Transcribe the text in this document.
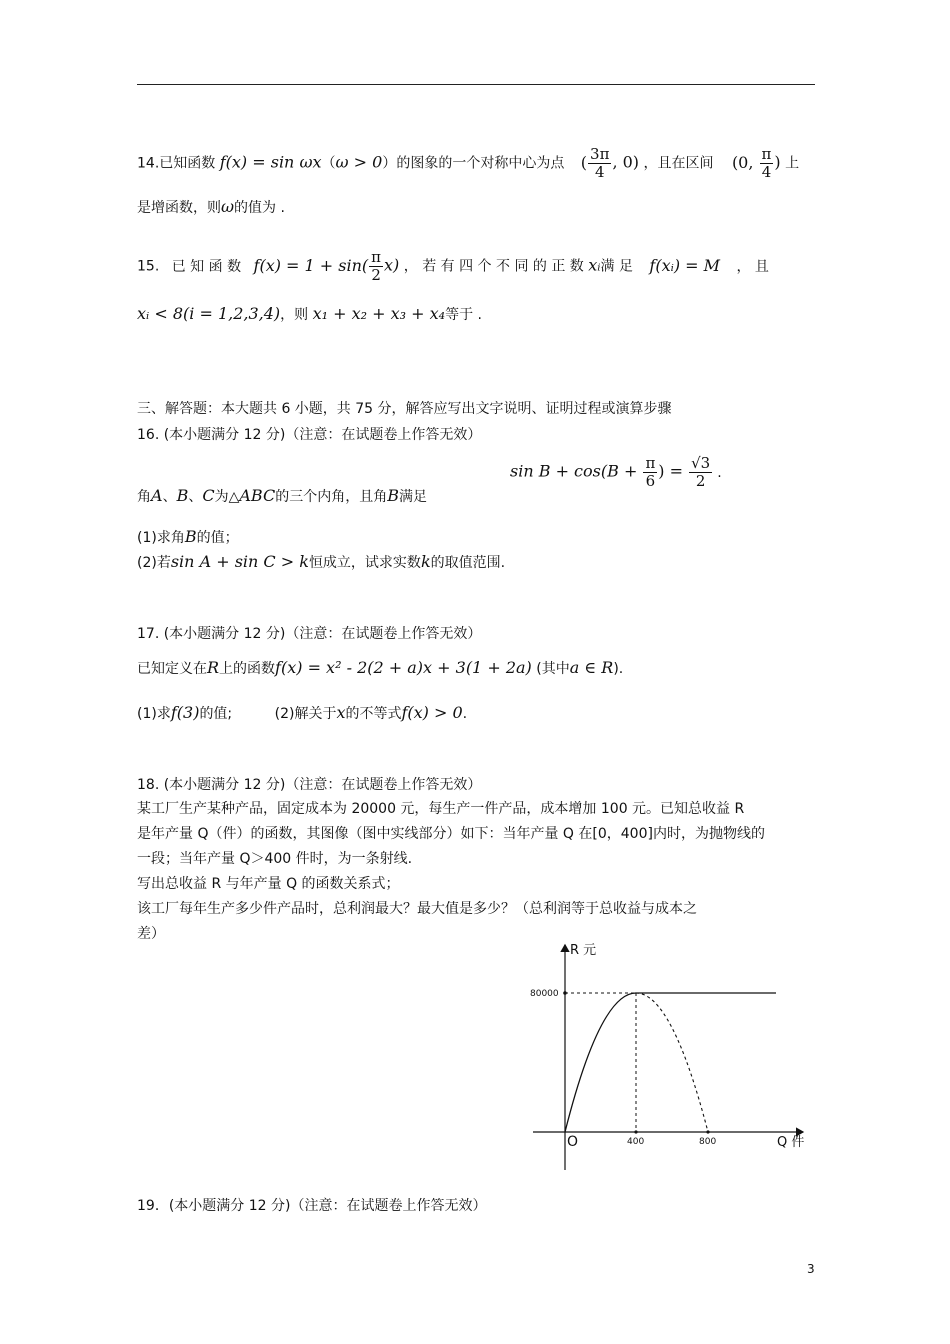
14.已知函数 f(x) = sin ωx（ω > 0）的图象的一个对称中心为点 ( $\frac{3\pi}{4}$ , 0) ，且在区间 (0, $\frac{\pi}{4}$ ) 上
是增函数，则ω的值为 .
15. 已 知 函 数 $f(x) = 1 + \sin( \frac{\pi}{2} x)$ ， 若 有 四 个 不 同 的 正 数 xᵢ满 足 f(xᵢ) = M ， 且
xᵢ < 8(i = 1,2,3,4)，则 x₁ + x₂ + x₃ + x₄等于 .
三、解答题：本大题共 6 小题，共 75 分，解答应写出文字说明、证明过程或演算步骤
16. (本小题满分 12 分)（注意：在试题卷上作答无效）
$\sin B + \cos(B + \frac{\pi}{6}$ ) = $\frac{√3}{2}$ .
角A、B、C为△ABC的三个内角，且角B满足
(1)求角B的值；
(2)若sin A + sin C > k恒成立，试求实数k的取值范围.
17. (本小题满分 12 分)（注意：在试题卷上作答无效）
已知定义在R上的函数f(x) = x² - 2(2 + a)x + 3(1 + 2a) (其中a ∈ R).
(1)求f(3)的值;	(2)解关于x的不等式f(x) > 0.
18. (本小题满分 12 分)（注意：在试题卷上作答无效）
某工厂生产某种产品，固定成本为 20000 元，每生产一件产品，成本增加 100 元。已知总收益 R
是年产量 Q（件）的函数，其图像（图中实线部分）如下：当年产量 Q 在[0，400]内时，为抛物线的
一段；当年产量 Q＞400 件时，为一条射线.
写出总收益 R 与年产量 Q 的函数关系式；
该工厂每年生产多少件产品时，总利润最大？最大值是多少？（总利润等于总收益与成本之
差）
R 元
80000
O	400	800	Q 件
19．(本小题满分 12 分)（注意：在试题卷上作答无效）
3
